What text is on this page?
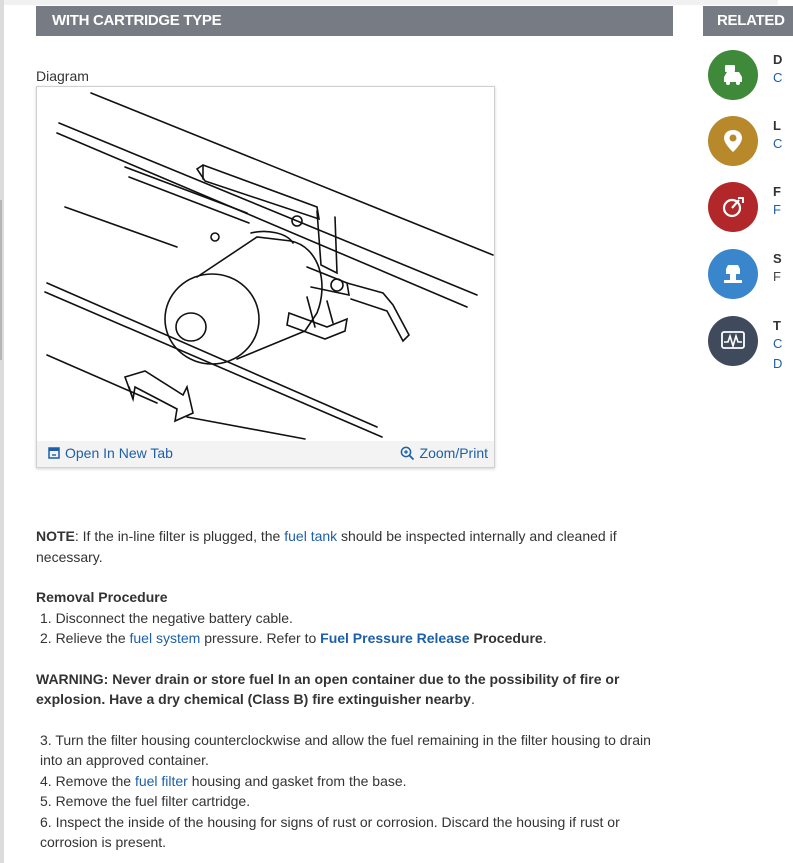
WITH CARTRIDGE TYPE	RELATED
Diagram
Open In New Tab	Zoom/Print

NOTE: If the in-line filter is plugged, the fuel tank should be inspected internally and cleaned if necessary.

Removal Procedure

1. Disconnect the negative battery cable.

2. Relieve the fuel system pressure. Refer to Fuel Pressure Release Procedure.

WARNING: Never drain or store fuel In an open container due to the possibility of fire or explosion. Have a dry chemical (Class B) fire extinguisher nearby.

3. Turn the filter housing counterclockwise and allow the fuel remaining in the filter housing to drain into an approved container.

4. Remove the fuel filter housing and gasket from the base.

5. Remove the fuel filter cartridge.

6. Inspect the inside of the housing for signs of rust or corrosion. Discard the housing if rust or corrosion is present.

D
C
L
C
F
F
S
F
T
C
D
